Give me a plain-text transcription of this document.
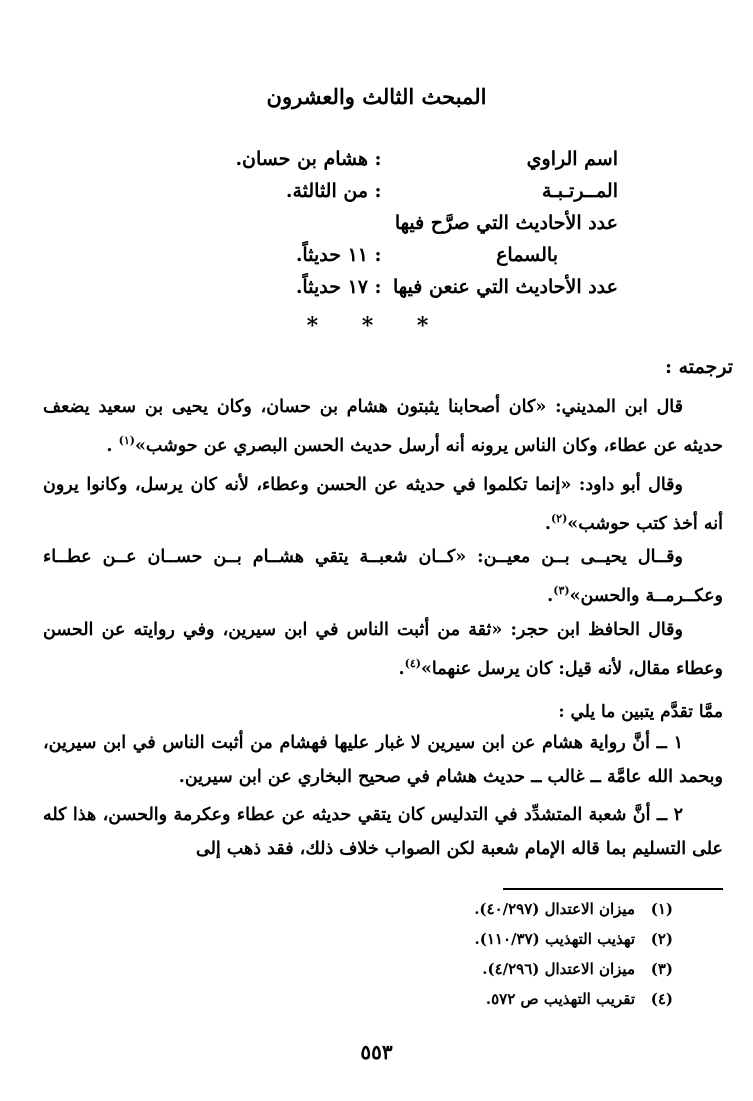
المبحث الثالث والعشرون
اسم الراوي
:
هشام بن حسان.
المــرتـبـة
:
من الثالثة.
عدد الأحاديث التي صرَّح فيها
بالسماع
:
١١ حديثاً.
عدد الأحاديث التي عنعن فيها
:
١٧ حديثاً.
* * *
ترجمته :
قال ابن المديني: «كان أصحابنا يثبتون هشام بن حسان، وكان يحيى بن سعيد يضعف حديثه عن عطاء، وكان الناس يرونه أنه أرسل حديث الحسن البصري عن حوشب»$^{(١)}$ .
وقال أبو داود: «إنما تكلموا في حديثه عن الحسن وعطاء، لأنه كان يرسل، وكانوا يرون أنه أخذ كتب حوشب»$^{(٢)}$.
وقــال يحيــى بــن معيــن: «كــان شعبــة يتقي هشــام بــن حســان عــن عطــاء وعكــرمــة والحسن»$^{(٣)}$.
وقال الحافظ ابن حجر: «ثقة من أثبت الناس في ابن سيرين، وفي روايته عن الحسن وعطاء مقال، لأنه قيل: كان يرسل عنهما»$^{(٤)}$.
ممَّا تقدَّم يتبين ما يلي :
١ ــ أنَّ رواية هشام عن ابن سيرين لا غبار عليها فهشام من أثبت الناس في ابن سيرين، وبحمد الله عامَّة ــ غالب ــ حديث هشام في صحيح البخاري عن ابن سيرين.
٢ ــ أنَّ شعبة المتشدِّد في التدليس كان يتقي حديثه عن عطاء وعكرمة والحسن، هذا كله على التسليم بما قاله الإمام شعبة لكن الصواب خلاف ذلك، فقد ذهب إلى
(١)ميزان الاعتدال (٤٠/٢٩٧).
(٢)تهذيب التهذيب (١١٠/٣٧).
(٣)ميزان الاعتدال (٤/٢٩٦).
(٤)تقريب التهذيب ص ٥٧٢.
٥٥٣
